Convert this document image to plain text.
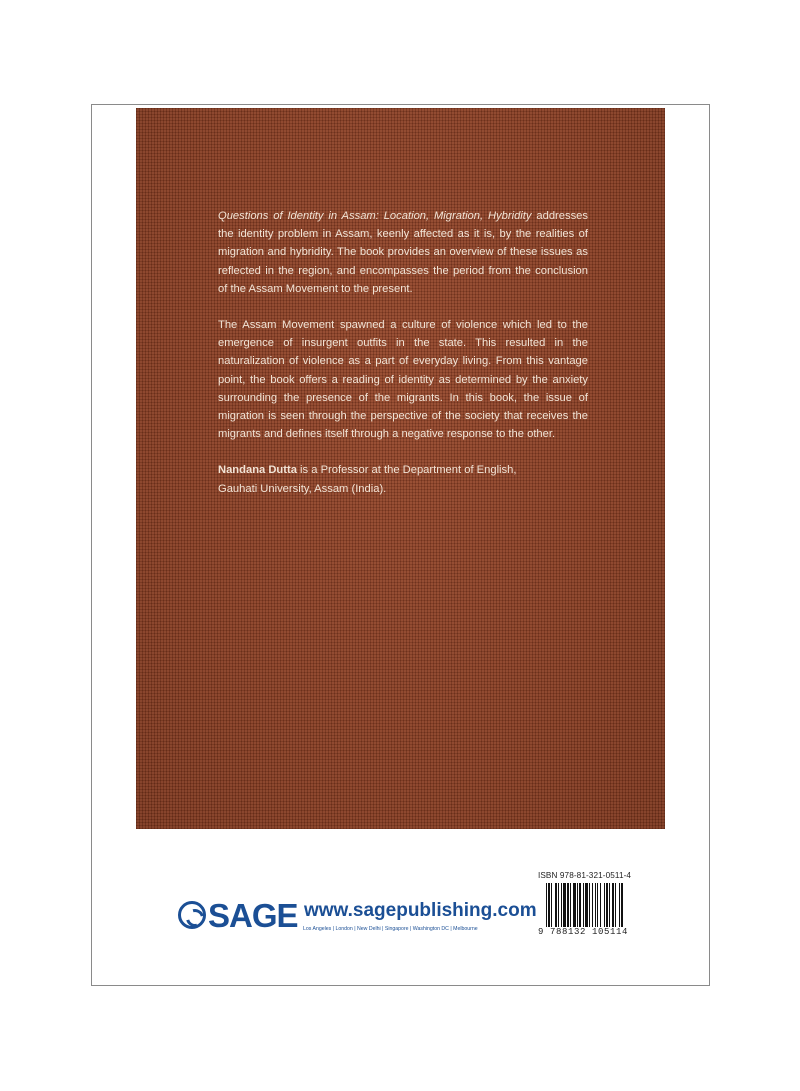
Questions of Identity in Assam: Location, Migration, Hybridity addresses the identity problem in Assam, keenly affected as it is, by the realities of migration and hybridity. The book provides an overview of these issues as reflected in the region, and encompasses the period from the conclusion of the Assam Movement to the present.

The Assam Movement spawned a culture of violence which led to the emergence of insurgent outfits in the state. This resulted in the naturalization of violence as a part of everyday living. From this vantage point, the book offers a reading of identity as determined by the anxiety surrounding the presence of the migrants. In this book, the issue of migration is seen through the perspective of the society that receives the migrants and defines itself through a negative response to the other.

Nandana Dutta is a Professor at the Department of English,
Gauhati University, Assam (India).

SAGE www.sagepublishing.com
Los Angeles | London | New Delhi | Singapore | Washington DC | Melbourne
ISBN 978-81-321-0511-4
9 788132 105114
